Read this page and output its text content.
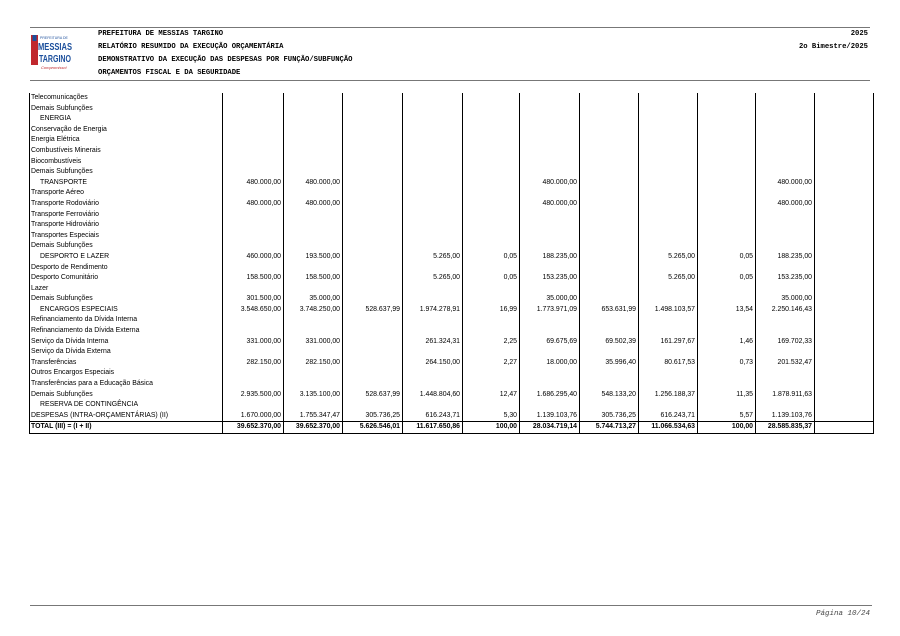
PREFEITURA DE
MESSIAS
TARGINO
Compromisso!
PREFEITURA DE MESSIAS TARGINO
RELATÓRIO RESUMIDO DA EXECUÇÃO ORÇAMENTÁRIA
DEMONSTRATIVO DA EXECUÇÃO DAS DESPESAS POR FUNÇÃO/SUBFUNÇÃO
ORÇAMENTOS FISCAL E DA SEGURIDADE
2025
2o Bimestre/2025
Telecomunicações											
Demais Subfunções											
ENERGIA											
Conservação de Energia											
Energia Elétrica											
Combustíveis Minerais											
Biocombustíveis											
Demais Subfunções											
TRANSPORTE	480.000,00	480.000,00				480.000,00				480.000,00	
Transporte Aéreo											
Transporte Rodoviário	480.000,00	480.000,00				480.000,00				480.000,00	
Transporte Ferroviário											
Transporte Hidroviário											
Transportes Especiais											
Demais Subfunções											
DESPORTO E LAZER	460.000,00	193.500,00		5.265,00	0,05	188.235,00		5.265,00	0,05	188.235,00	
Desporto de Rendimento											
Desporto Comunitário	158.500,00	158.500,00		5.265,00	0,05	153.235,00		5.265,00	0,05	153.235,00	
Lazer											
Demais Subfunções	301.500,00	35.000,00				35.000,00				35.000,00	
ENCARGOS ESPECIAIS	3.548.650,00	3.748.250,00	528.637,99	1.974.278,91	16,99	1.773.971,09	653.631,99	1.498.103,57	13,54	2.250.146,43	
Refinanciamento da Dívida Interna											
Refinanciamento da Dívida Externa											
Serviço da Dívida Interna	331.000,00	331.000,00		261.324,31	2,25	69.675,69	69.502,39	161.297,67	1,46	169.702,33	
Serviço da Dívida Externa											
Transferências	282.150,00	282.150,00		264.150,00	2,27	18.000,00	35.996,40	80.617,53	0,73	201.532,47	
Outros Encargos Especiais											
Transferências para a Educação Básica											
Demais Subfunções	2.935.500,00	3.135.100,00	528.637,99	1.448.804,60	12,47	1.686.295,40	548.133,20	1.256.188,37	11,35	1.878.911,63	
RESERVA DE CONTINGÊNCIA											
DESPESAS (INTRA-ORÇAMENTÁRIAS) (II)	1.670.000,00	1.755.347,47	305.736,25	616.243,71	5,30	1.139.103,76	305.736,25	616.243,71	5,57	1.139.103,76	
TOTAL (III) = (I + II)	39.652.370,00	39.652.370,00	5.626.546,01	11.617.650,86	100,00	28.034.719,14	5.744.713,27	11.066.534,63	100,00	28.585.835,37	
Página 10/24
